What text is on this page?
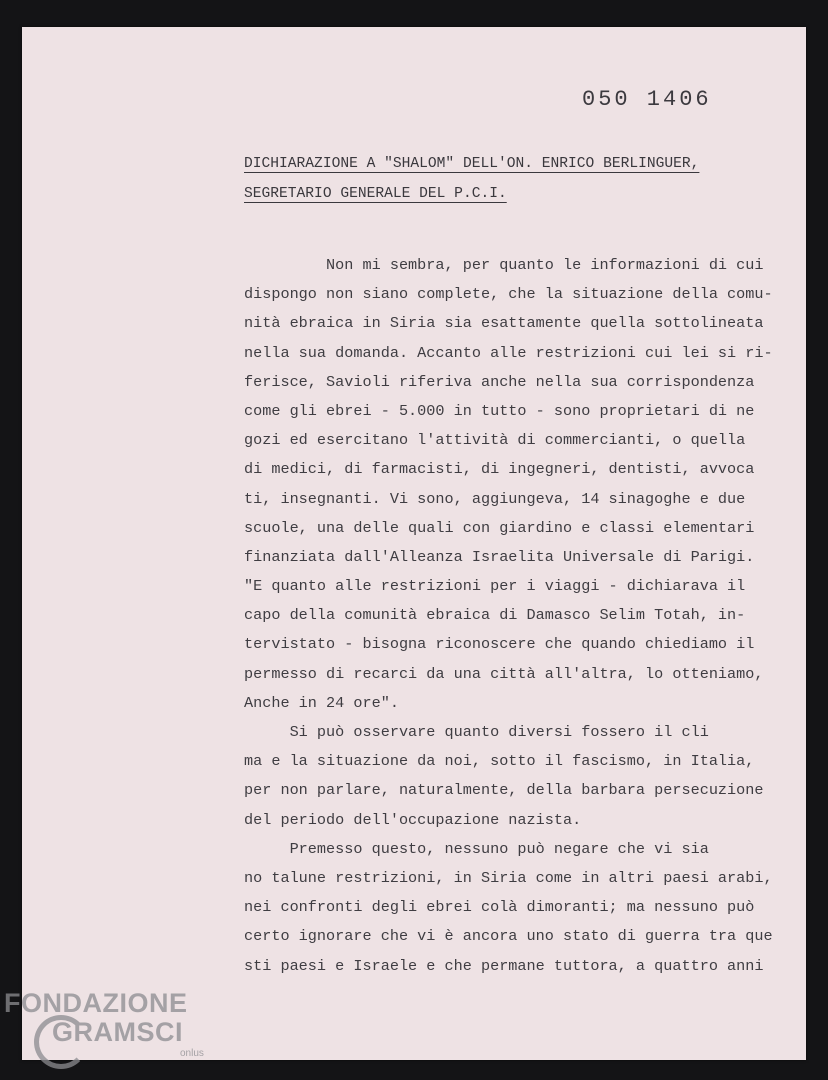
050 1406
DICHIARAZIONE A "SHALOM" DELL'ON. ENRICO BERLINGUER,
SEGRETARIO GENERALE DEL P.C.I.
Non mi sembra, per quanto le informazioni di cui
dispongo non siano complete, che la situazione della comu-
nità ebraica in Siria sia esattamente quella sottolineata
nella sua domanda. Accanto alle restrizioni cui lei si ri-
ferisce, Savioli riferiva anche nella sua corrispondenza
come gli ebrei - 5.000 in tutto - sono proprietari di ne
gozi ed esercitano l'attività di commercianti, o quella
di medici, di farmacisti, di ingegneri, dentisti, avvoca
ti, insegnanti. Vi sono, aggiungeva, 14 sinagoghe e due
scuole, una delle quali con giardino e classi elementari
finanziata dall'Alleanza Israelita Universale di Parigi.
"E quanto alle restrizioni per i viaggi - dichiarava il
capo della comunità ebraica di Damasco Selim Totah, in-
tervistato - bisogna riconoscere che quando chiediamo il
permesso di recarci da una città all'altra, lo otteniamo,
Anche in 24 ore".
Si può osservare quanto diversi fossero il cli
ma e la situazione da noi, sotto il fascismo, in Italia,
per non parlare, naturalmente, della barbara persecuzione
del periodo dell'occupazione nazista.
Premesso questo, nessuno può negare che vi sia
no talune restrizioni, in Siria come in altri paesi arabi,
nei confronti degli ebrei colà dimoranti; ma nessuno può
certo ignorare che vi è ancora uno stato di guerra tra que
sti paesi e Israele e che permane tuttora, a quattro anni
FONDAZIONE
GRAMSCI
onlus
